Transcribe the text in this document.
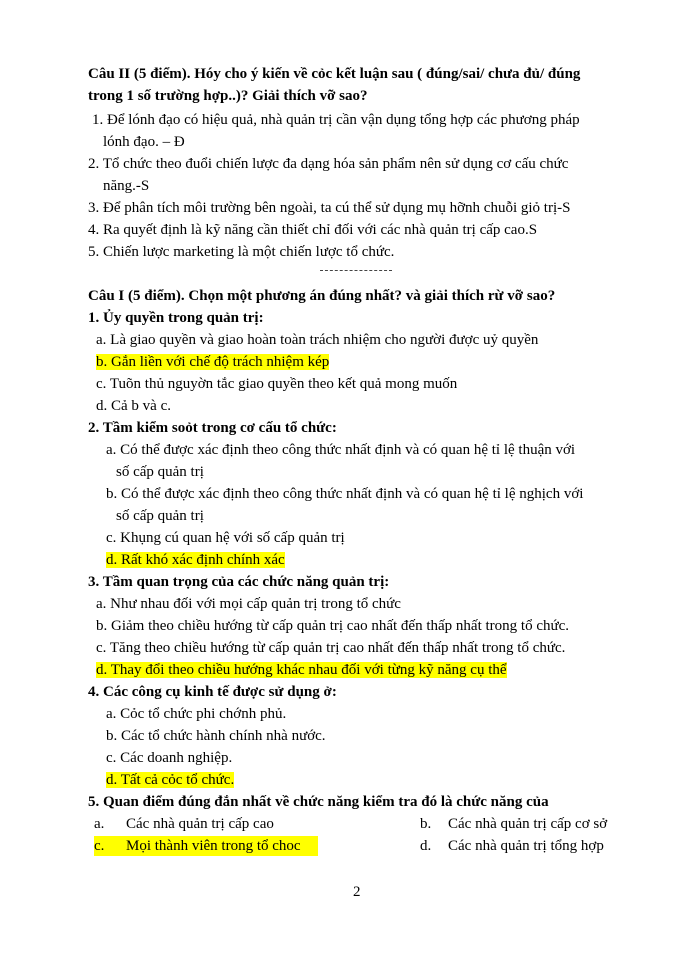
Câu II (5 điểm). Hóy cho ý kiến về cỏc kết luận sau ( đúng/sai/ chưa đủ/ đúng
trong 1 số trường hợp..)? Giải thích vỡ sao?
1. Để lónh đạo có hiệu quả, nhà quản trị cần vận dụng tổng hợp các phương pháp
lónh đạo. – Đ
2. Tổ chức theo đuổi chiến lược đa dạng hóa sản phẩm nên sử dụng cơ cấu chức
năng.-S
3. Để phân tích môi trường bên ngoài, ta cú thể sử dụng mụ hỡnh chuỗi giỏ trị-S
4. Ra quyết định là kỹ năng cần thiết chỉ đối với các nhà quản trị cấp cao.S
5. Chiến lược marketing là một chiến lược tổ chức.
Câu I (5 điểm). Chọn một phương án đúng nhất? và giải thích rừ vỡ sao?
1. Ủy quyền trong quản trị:
a. Là giao quyền và giao hoàn toàn trách nhiệm cho người được uỷ quyền
b. Gắn liền với chế độ trách nhiệm kép
c. Tuõn thủ nguyờn tắc giao quyền theo kết quả mong muốn
d. Cả b và c.
2. Tầm kiểm soỏt trong cơ cấu tổ chức:
a. Có thể được xác định theo công thức nhất định và có quan hệ tỉ lệ thuận với
số cấp quản trị
b. Có thể được xác định theo công thức nhất định và có quan hệ tỉ lệ nghịch với
số cấp quản trị
c. Khụng cú quan hệ với số cấp quản trị
d. Rất khó xác định chính xác
3. Tầm quan trọng của các chức năng quản trị:
a. Như nhau đối với mọi cấp quản trị trong tổ chức
b. Giảm theo chiều hướng từ cấp quản trị cao nhất đến thấp nhất trong tổ chức.
c. Tăng theo chiều hướng từ cấp quản trị cao nhất đến thấp nhất trong tổ chức.
d. Thay đổi theo chiều hướng khác nhau đối với từng kỹ năng cụ thể
4. Các công cụ kinh tế được sử dụng ở:
a. Cỏc tổ chức phi chớnh phủ.
b. Các tổ chức hành chính nhà nước.
c. Các doanh nghiệp.
d. Tất cả cỏc tổ chức.
5. Quan điểm đúng đắn nhất về chức năng kiểm tra đó là chức năng của
a. Các nhà quản trị cấp cao	b. Các nhà quản trị cấp cơ sở
c. Mọi thành viên trong tổ choc	d. Các nhà quản trị tổng hợp
2
